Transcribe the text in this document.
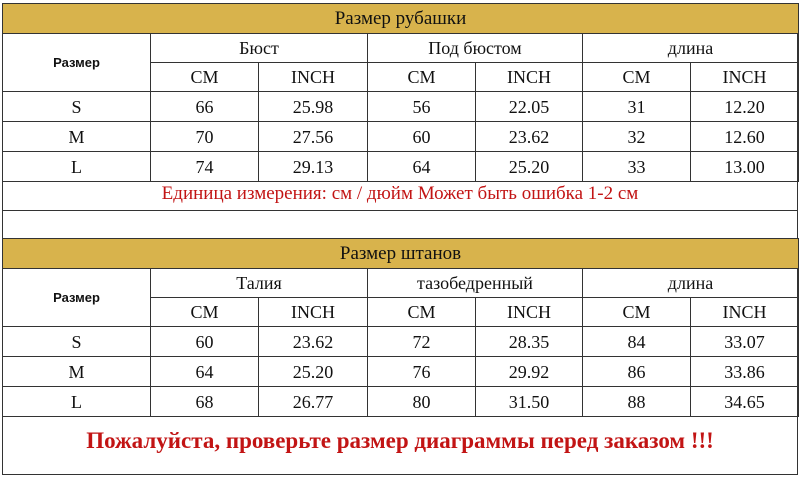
Размер рубашки						
Размер	Бюст		Под бюстом		длина	
	CM	INCH	CM	INCH	CM	INCH
S	66	25.98	56	22.05	31	12.20
M	70	27.56	60	23.62	32	12.60
L	74	29.13	64	25.20	33	13.00
Единица измерения: см / дюйм Может быть ошибка 1-2 см
Размер штанов						
Размер	Талия		тазобедренный		длина	
	CM	INCH	CM	INCH	CM	INCH
S	60	23.62	72	28.35	84	33.07
M	64	25.20	76	29.92	86	33.86
L	68	26.77	80	31.50	88	34.65
Пожалуйста, проверьте размер диаграммы перед заказом !!!
